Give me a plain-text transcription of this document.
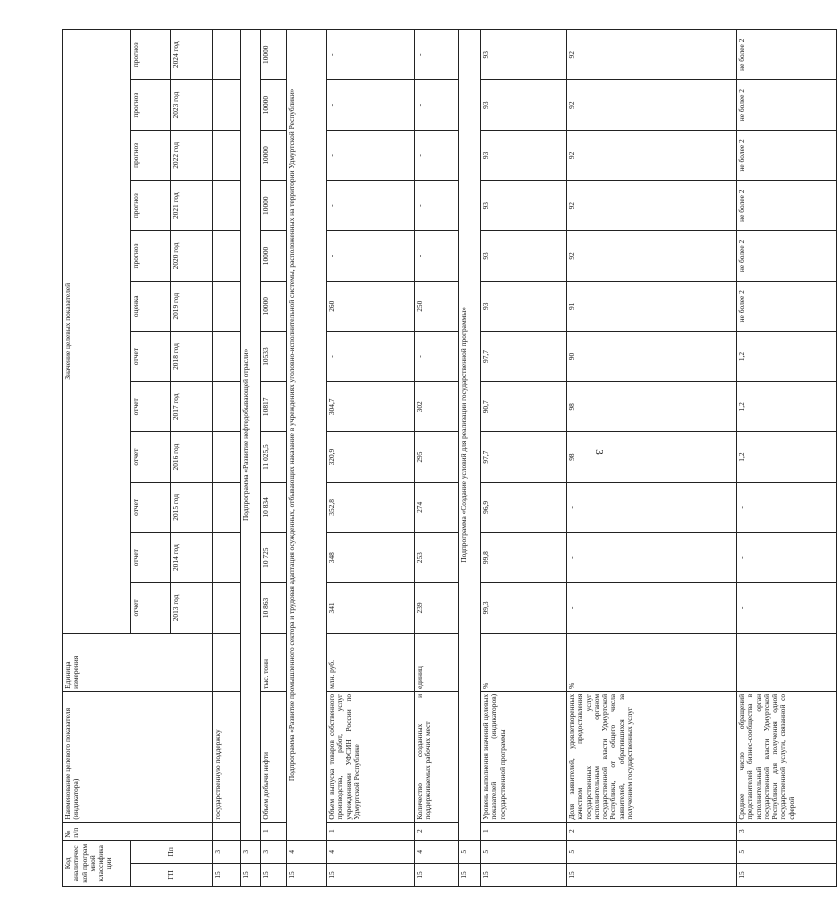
3
Код аналитичес кой програм мной классифика ции		№ п/п	Наименование целевого показателя (индикатора)	Единица измерения	Значение целевых показателей											
ГП	Пп				отчет	отчет	отчет	отчет	отчет	отчет	оценка	прогноз	прогноз	прогноз	прогноз	прогноз
					2013 год	2014 год	2015 год	2016 год	2017 год	2018 год	2019 год	2020 год	2021 год	2022 год	2023 год	2024 год
15	3		государственную поддержку													
15	3	Подпрограмма «Развитие нефтедобывающей отрасли»														
15	3	1	Объем добычи нефти	тыс. тонн	10 863	10 725	10 834	11 025,5	10817	10533	10000	10000	10000	10000	10000	10000
15	4	Подпрограмма «Развитие промышленного сектора и трудовая адаптация осужденных, отбывающих наказание в учреждениях уголовно-исполнительной системы, расположенных на территории Удмуртской Республики»														
15	4	1	Объем выпуска товаров собственного производства, работ, услуг учреждениями УФСИН России по Удмуртской Республике	млн. руб.	341	348	352,8	320,9	304,7	-	260	-	-	-	-	-
15	4	2	Количество созданных и поддерживаемых рабочих мест	единиц	239	253	274	295	302	-	250	-	-	-	-	-
15	5	Подпрограмма «Создание условий для реализации государственной программы»														
15	5	1	Уровень выполнения значений целевых показателей (индикаторов) государственной программы	%	99,3	99,8	96,9	97,7	90,7	97,7	93	93	93	93	93	93
15	5	2	Доля заявителей, удовлетворенных качеством предоставления государственных услуг исполнительным органом государственной власти Удмуртской Республики, от общего числа заявителей, обратившихся за получением государственных услуг	%	-	-	-	98	98	90	91	92	92	92	92	92
15	5	3	Среднее число обращений представителей бизнес-сообщества в исполнительный орган государственной власти Удмуртской Республики для получения одной государственной услуги, связанной со сферой		-	-	-	1,2	1,2	1,2	не более 2	не более 2	не более 2	не более 2	не более 2	не более 2
